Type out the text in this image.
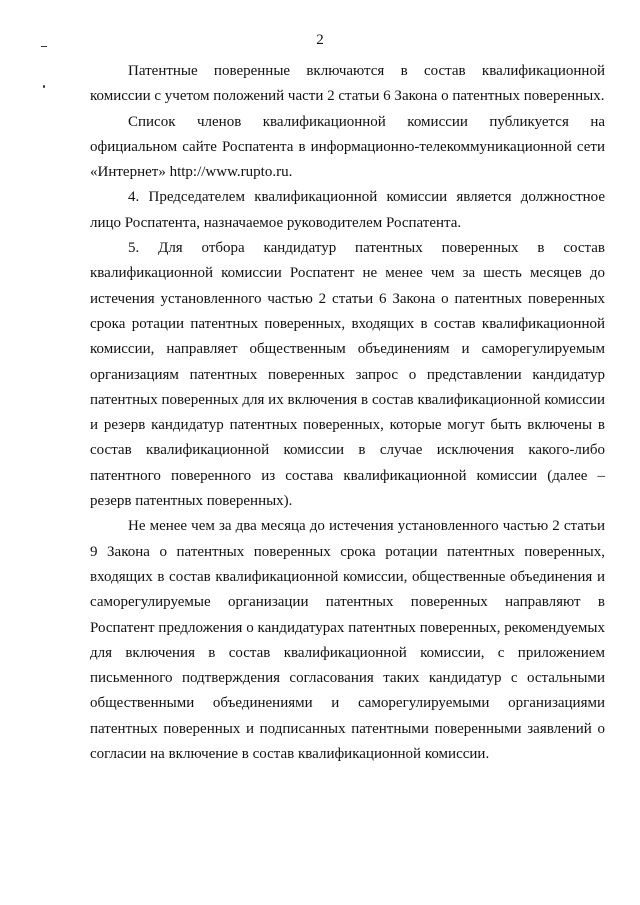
2

Патентные поверенные включаются в состав квалификационной комиссии с учетом положений части 2 статьи 6 Закона о патентных поверенных.

Список членов квалификационной комиссии публикуется на официальном сайте Роспатента в информационно-телекоммуникационной сети «Интернет» http://www.rupto.ru.

4. Председателем квалификационной комиссии является должностное лицо Роспатента, назначаемое руководителем Роспатента.

5. Для отбора кандидатур патентных поверенных в состав квалификационной комиссии Роспатент не менее чем за шесть месяцев до истечения установленного частью 2 статьи 6 Закона о патентных поверенных срока ротации патентных поверенных, входящих в состав квалификационной комиссии, направляет общественным объединениям и саморегулируемым организациям патентных поверенных запрос о представлении кандидатур патентных поверенных для их включения в состав квалификационной комиссии и резерв кандидатур патентных поверенных, которые могут быть включены в состав квалификационной комиссии в случае исключения какого-либо патентного поверенного из состава квалификационной комиссии (далее – резерв патентных поверенных).

Не менее чем за два месяца до истечения установленного частью 2 статьи 9 Закона о патентных поверенных срока ротации патентных поверенных, входящих в состав квалификационной комиссии, общественные объединения и саморегулируемые организации патентных поверенных направляют в Роспатент предложения о кандидатурах патентных поверенных, рекомендуемых для включения в состав квалификационной комиссии, с приложением письменного подтверждения согласования таких кандидатур с остальными общественными объединениями и саморегулируемыми организациями патентных поверенных и подписанных патентными поверенными заявлений о согласии на включение в состав квалификационной комиссии.
